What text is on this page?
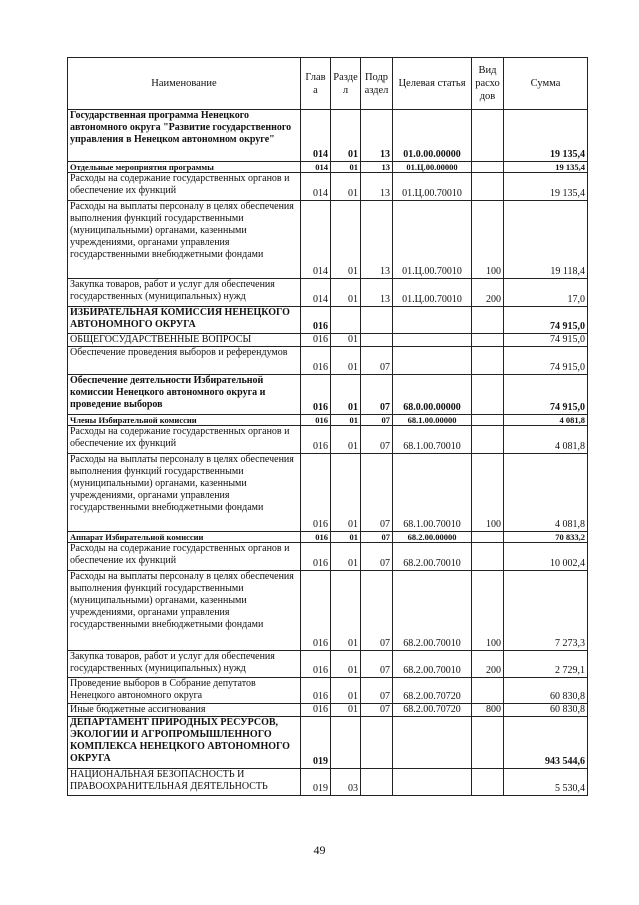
Наименование	Глав а	Разде л	Подр аздел	Целевая статья	Вид расхо дов	Сумма
Государственная программа Ненецкого автономного округа "Развитие государственного управления в Ненецком автономном округе"	014	01	13	01.0.00.00000		19 135,4
Отдельные мероприятия программы	014	01	13	01.Ц.00.00000		19 135,4
Расходы на содержание государственных органов и обеспечение их функций	014	01	13	01.Ц.00.70010		19 135,4
Расходы на выплаты персоналу в целях обеспечения выполнения функций государственными (муниципальными) органами, казенными учреждениями, органами управления государственными внебюджетными фондами	014	01	13	01.Ц.00.70010	100	19 118,4
Закупка товаров, работ и услуг для обеспечения государственных (муниципальных) нужд	014	01	13	01.Ц.00.70010	200	17,0
ИЗБИРАТЕЛЬНАЯ КОМИССИЯ НЕНЕЦКОГО АВТОНОМНОГО ОКРУГА	016					74 915,0
ОБЩЕГОСУДАРСТВЕННЫЕ ВОПРОСЫ	016	01				74 915,0
Обеспечение проведения выборов и референдумов	016	01	07			74 915,0
Обеспечение деятельности Избирательной комиссии Ненецкого автономного округа и проведение выборов	016	01	07	68.0.00.00000		74 915,0
Члены Избирательной комиссии	016	01	07	68.1.00.00000		4 081,8
Расходы на содержание государственных органов и обеспечение их функций	016	01	07	68.1.00.70010		4 081,8
Расходы на выплаты персоналу в целях обеспечения выполнения функций государственными (муниципальными) органами, казенными учреждениями, органами управления государственными внебюджетными фондами	016	01	07	68.1.00.70010	100	4 081,8
Аппарат Избирательной комиссии	016	01	07	68.2.00.00000		70 833,2
Расходы на содержание государственных органов и обеспечение их функций	016	01	07	68.2.00.70010		10 002,4
Расходы на выплаты персоналу в целях обеспечения выполнения функций государственными (муниципальными) органами, казенными учреждениями, органами управления государственными внебюджетными фондами	016	01	07	68.2.00.70010	100	7 273,3
Закупка товаров, работ и услуг для обеспечения государственных (муниципальных) нужд	016	01	07	68.2.00.70010	200	2 729,1
Проведение выборов в Собрание депутатов Ненецкого автономного округа	016	01	07	68.2.00.70720		60 830,8
Иные бюджетные ассигнования	016	01	07	68.2.00.70720	800	60 830,8
ДЕПАРТАМЕНТ ПРИРОДНЫХ РЕСУРСОВ, ЭКОЛОГИИ И АГРОПРОМЫШЛЕННОГО КОМПЛЕКСА НЕНЕЦКОГО АВТОНОМНОГО ОКРУГА	019					943 544,6
НАЦИОНАЛЬНАЯ БЕЗОПАСНОСТЬ И ПРАВООХРАНИТЕЛЬНАЯ ДЕЯТЕЛЬНОСТЬ	019	03				5 530,4
49
